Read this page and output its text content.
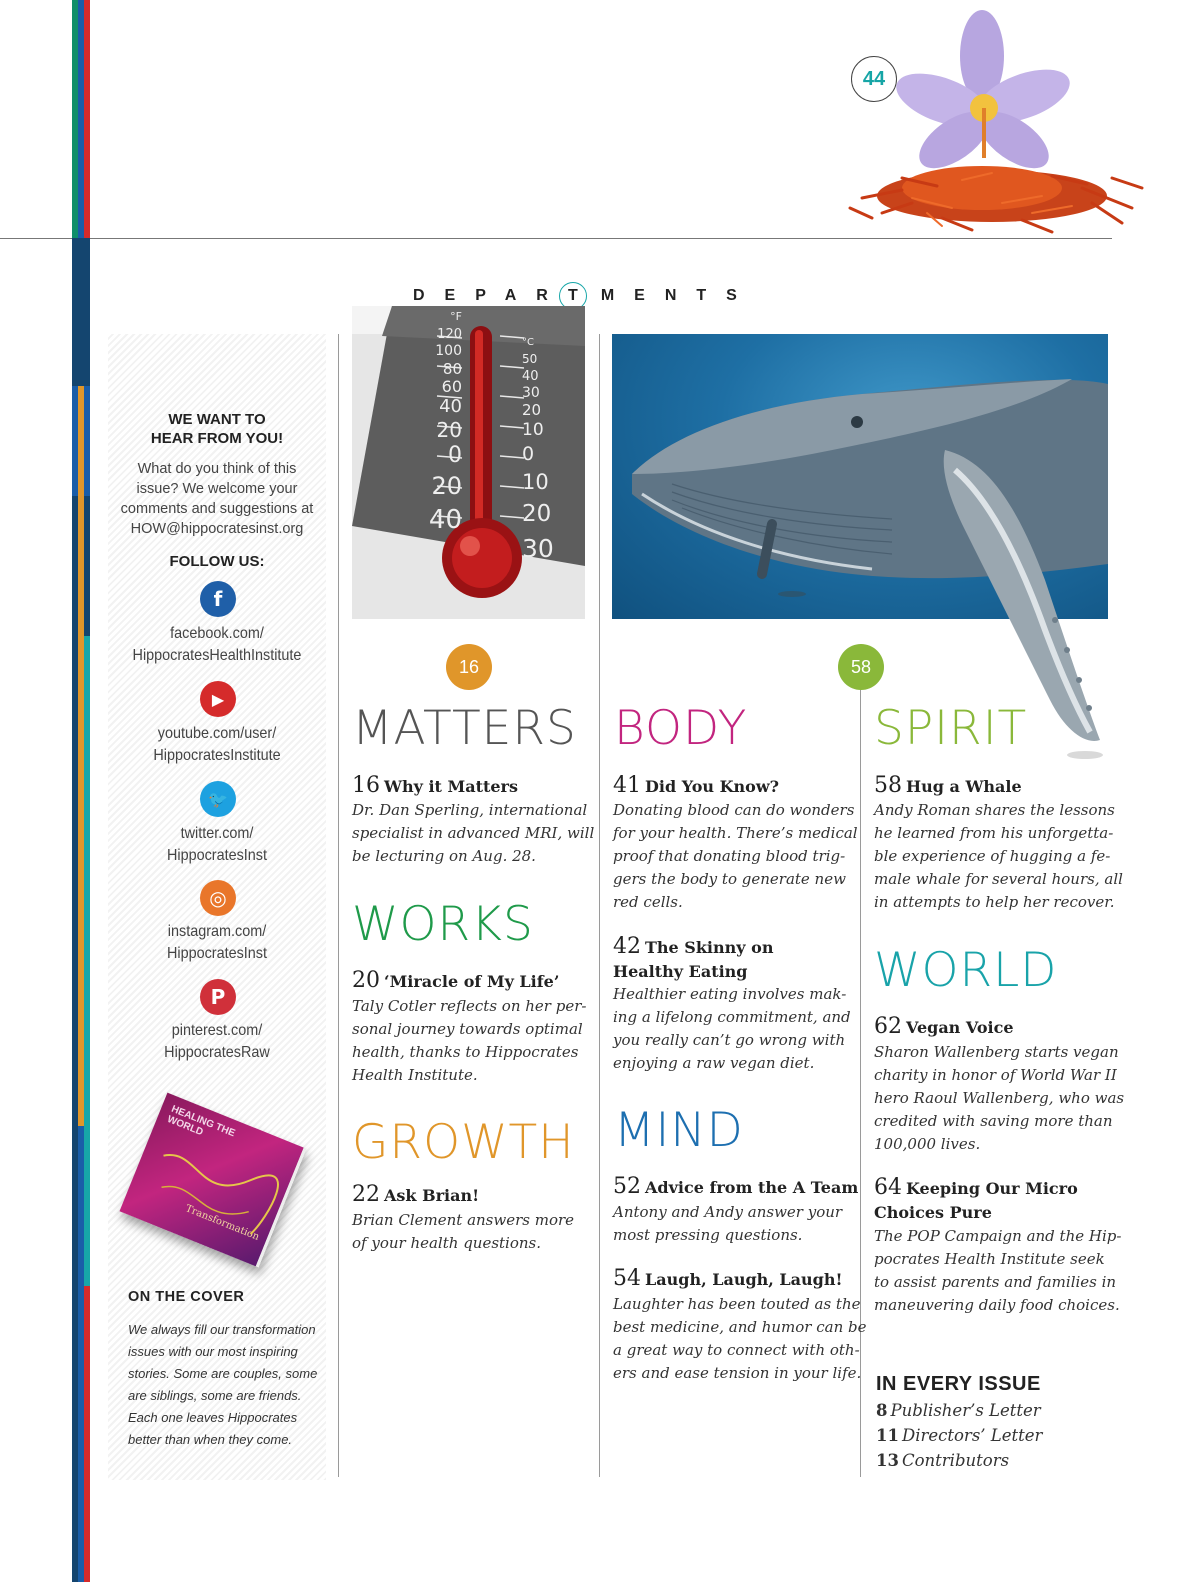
44
DEPART MENTS
WE WANT TO
HEAR FROM YOU!
What do you think of this
issue? We welcome your
comments and suggestions at
HOW@hippocratesinst.org
FOLLOW US:
f
facebook.com/
HippocratesHealthInstitute
▶
youtube.com/user/
HippocratesInstitute
🐦
twitter.com/
HippocratesInst
◎
instagram.com/
HippocratesInst
P
pinterest.com/
HippocratesRaw
HEALING THE WORLD
Transformation
ON THE COVER
We always fill our transformation
issues with our most inspiring
stories. Some are couples, some
are siblings, some are friends.
Each one leaves Hippocrates
better than when they come.
°F
120
100
80
60
40
20
0
20
40
°C
50
40
30
20
10
0
10
20
30
16	58
MATTERS
WORKS
GROWTH
BODY
MIND
SPIRIT
WORLD
16 Why it Matters
Dr. Dan Sperling, international
specialist in advanced MRI, will
be lecturing on Aug. 28.
20 ‘Miracle of My Life’
Taly Cotler reflects on her per-
sonal journey towards optimal
health, thanks to Hippocrates
Health Institute.
22 Ask Brian!
Brian Clement answers more
of your health questions.
41 Did You Know?
Donating blood can do wonders
for your health. There’s medical
proof that donating blood trig-
gers the body to generate new
red cells.
42 The Skinny on
Healthy Eating
Healthier eating involves mak-
ing a lifelong commitment, and
you really can’t go wrong with
enjoying a raw vegan diet.
52 Advice from the A Team
Antony and Andy answer your
most pressing questions.
54 Laugh, Laugh, Laugh!
Laughter has been touted as the
best medicine, and humor can be
a great way to connect with oth-
ers and ease tension in your life.
58 Hug a Whale
Andy Roman shares the lessons
he learned from his unforgetta-
ble experience of hugging a fe-
male whale for several hours, all
in attempts to help her recover.
62 Vegan Voice
Sharon Wallenberg starts vegan
charity in honor of World War II
hero Raoul Wallenberg, who was
credited with saving more than
100,000 lives.
64 Keeping Our Micro
Choices Pure
The POP Campaign and the Hip-
pocrates Health Institute seek
to assist parents and families in
maneuvering daily food choices.
IN EVERY ISSUE
8 Publisher’s Letter
11 Directors’ Letter
13 Contributors
